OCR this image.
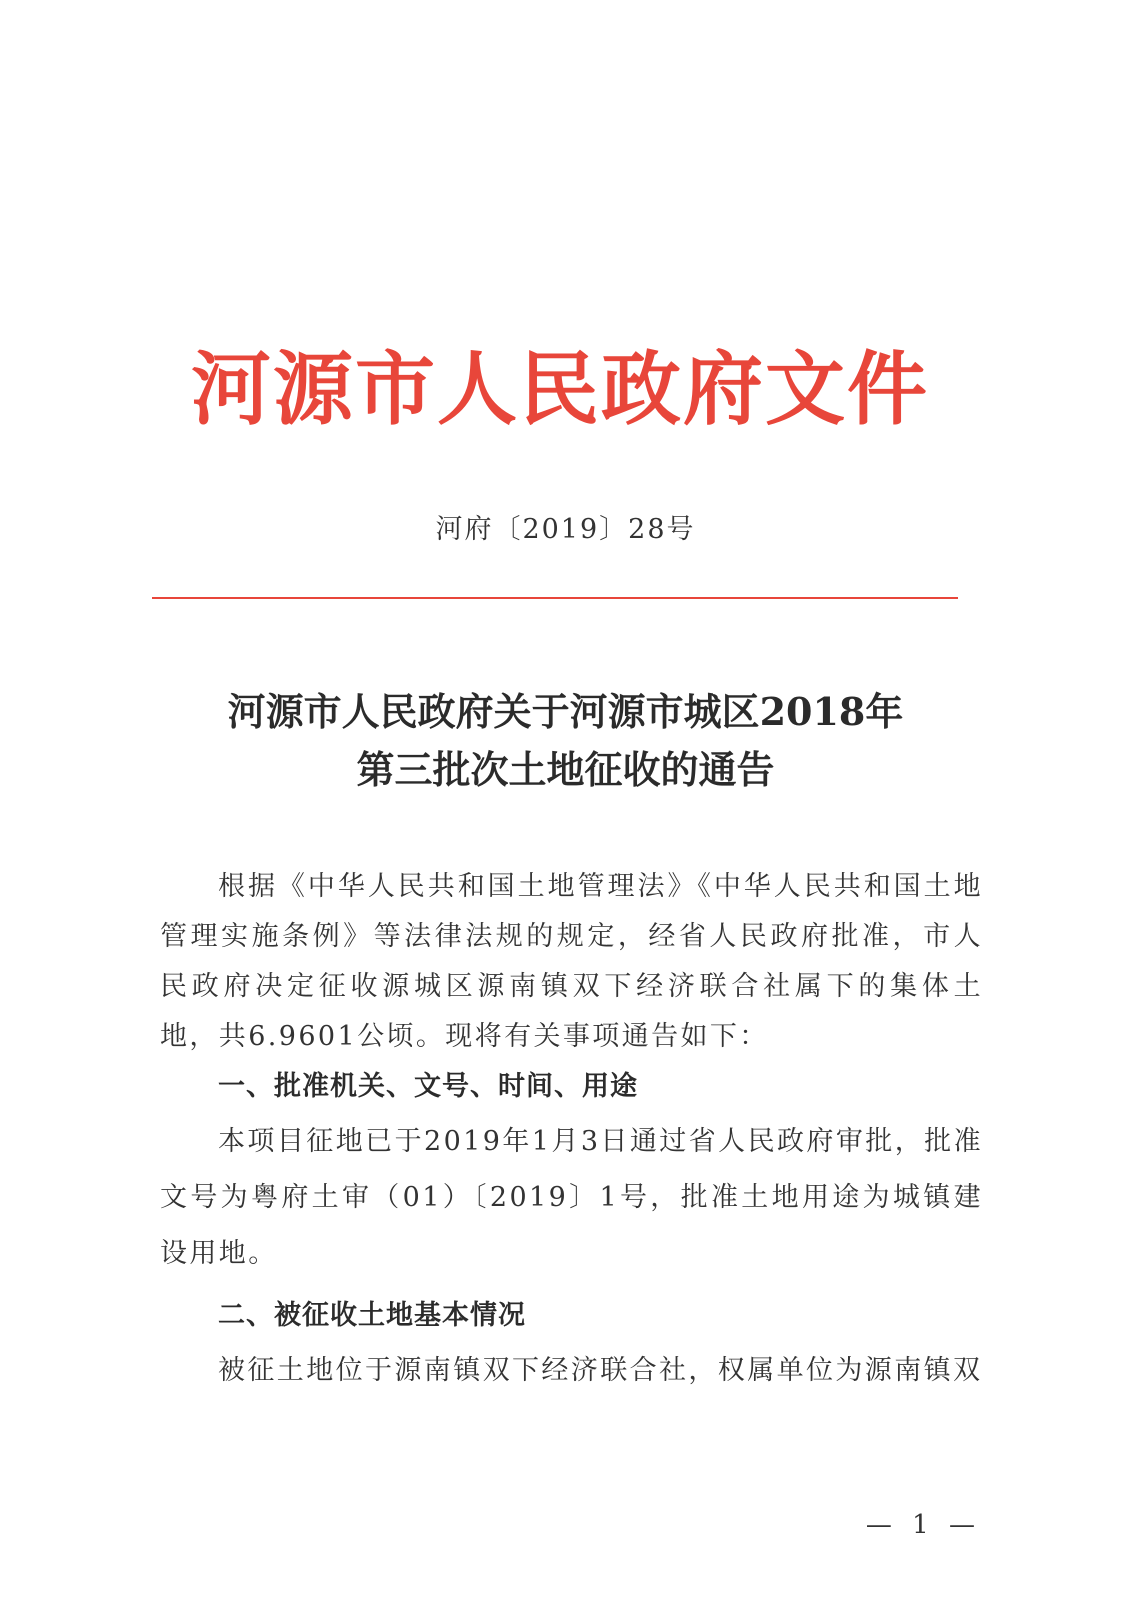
河源市人民政府文件
河府〔2019〕28号
河源市人民政府关于河源市城区2018年
第三批次土地征收的通告

根据《中华人民共和国土地管理法》《中华人民共和国土地管理实施条例》等法律法规的规定，经省人民政府批准，市人民政府决定征收源城区源南镇双下经济联合社属下的集体土地，共6.9601公顷。现将有关事项通告如下：

一、批准机关、文号、时间、用途

本项目征地已于2019年1月3日通过省人民政府审批，批准文号为粤府土审（01）〔2019〕1号，批准土地用途为城镇建设用地。

二、被征收土地基本情况

被征土地位于源南镇双下经济联合社，权属单位为源南镇双

— 1 —
